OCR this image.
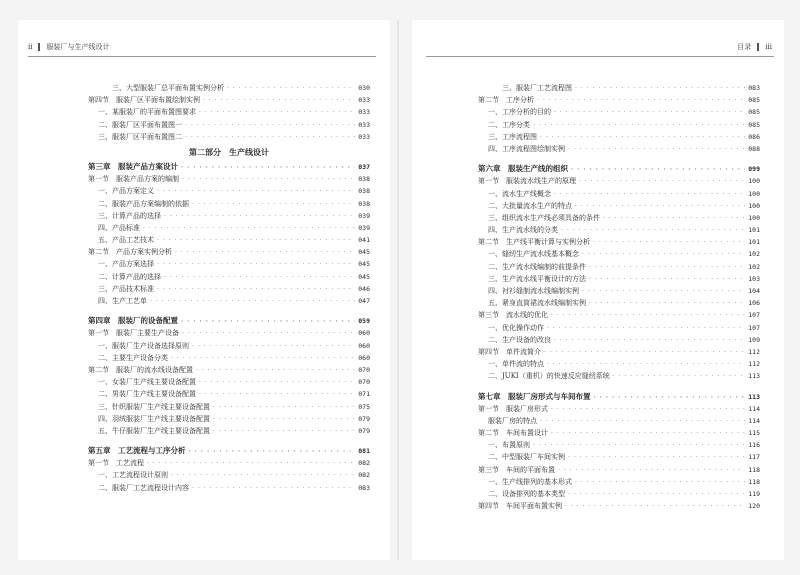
ii 服装厂与生产线设计
三、大型服装厂总平面布置实例分析 · · ·	030
第四节　服装厂区平面布置绘制实例 · · ·	033
一、某服装厂的平面布置图要求 · · ·	033
二、服装厂区平面布置图一 · · ·	033
三、服装厂区平面布置图二 · · ·	033
第二部分　生产线设计
第三章　服装产品方案设计 · · ·	037
第一节　服装产品方案的编制 · · ·	038
一、产品方案定义 · · ·	038
二、服装产品方案编制的依据 · · ·	038
三、计算产品的选择 · · ·	039
四、产品标准 · · ·	039
五、产品工艺技术 · · ·	041
第二节　产品方案实例分析 · · ·	045
一、产品方案选择 · · ·	045
二、计算产品的选择 · · ·	045
三、产品技术标准 · · ·	046
四、生产工艺单 · · ·	047
第四章　服装厂的设备配置 · · ·	059
第一节　服装厂主要生产设备 · · ·	060
一、服装厂生产设备选择原则 · · ·	060
二、主要生产设备分类 · · ·	060
第二节　服装厂的流水线设备配置 · · ·	070
一、女装厂生产线主要设备配置 · · ·	070
二、男装厂生产线主要设备配置 · · ·	071
三、针织服装厂生产线主要设备配置 · · ·	075
四、羽绒服装厂生产线主要设备配置 · · ·	079
五、牛仔服装厂生产线主要设备配置 · · ·	079
第五章　工艺流程与工序分析 · · ·	081
第一节　工艺流程 · · ·	082
一、工艺流程设计原则 · · ·	082
二、服装厂工艺流程设计内容 · · ·	083
目录 iii
三、服装厂工艺流程图 · · ·	083
第二节　工序分析 · · ·	085
一、工序分析的目的 · · ·	085
二、工序分类 · · ·	085
三、工序流程图 · · ·	086
四、工序流程图绘制实例 · · ·	088
第六章　服装生产线的组织 · · ·	099
第一节　服装流水线生产的原理 · · ·	100
一、流水生产线概念 · · ·	100
二、大批量流水生产的特点 · · ·	100
三、组织流水生产线必须具备的条件 · · ·	100
四、生产流水线的分类 · · ·	101
第二节　生产线平衡计算与实例分析 · · ·	101
一、缝纫生产流水线基本概念 · · ·	102
二、生产流水线编制的前提条件 · · ·	102
三、生产流水线平衡设计的方法 · · ·	103
四、衬衫缝制流水线编制实例 · · ·	104
五、紧身直筒裙流水线编制实例 · · ·	106
第三节　流水线的优化 · · ·	107
一、优化操作动作 · · ·	107
二、生产设备的改良 · · ·	109
第四节　单件流简介 · · ·	112
一、单件流的特点 · · ·	112
二、JUKI（重机）的快速反应缝纫系统 · · ·	113
第七章　服装厂房形式与车间布置 · · ·	113
第一节　服装厂房形式 · · ·	114
服装厂房的特点 · · ·	114
第二节　车间布置设计 · · ·	115
一、布置原则 · · ·	116
二、中型服装厂车间实例 · · ·	117
第三节　车间的平面布置 · · ·	118
一、生产线排列的基本形式 · · ·	118
二、设备排列的基本类型 · · ·	119
第四节　车间平面布置实例 · · ·	120
